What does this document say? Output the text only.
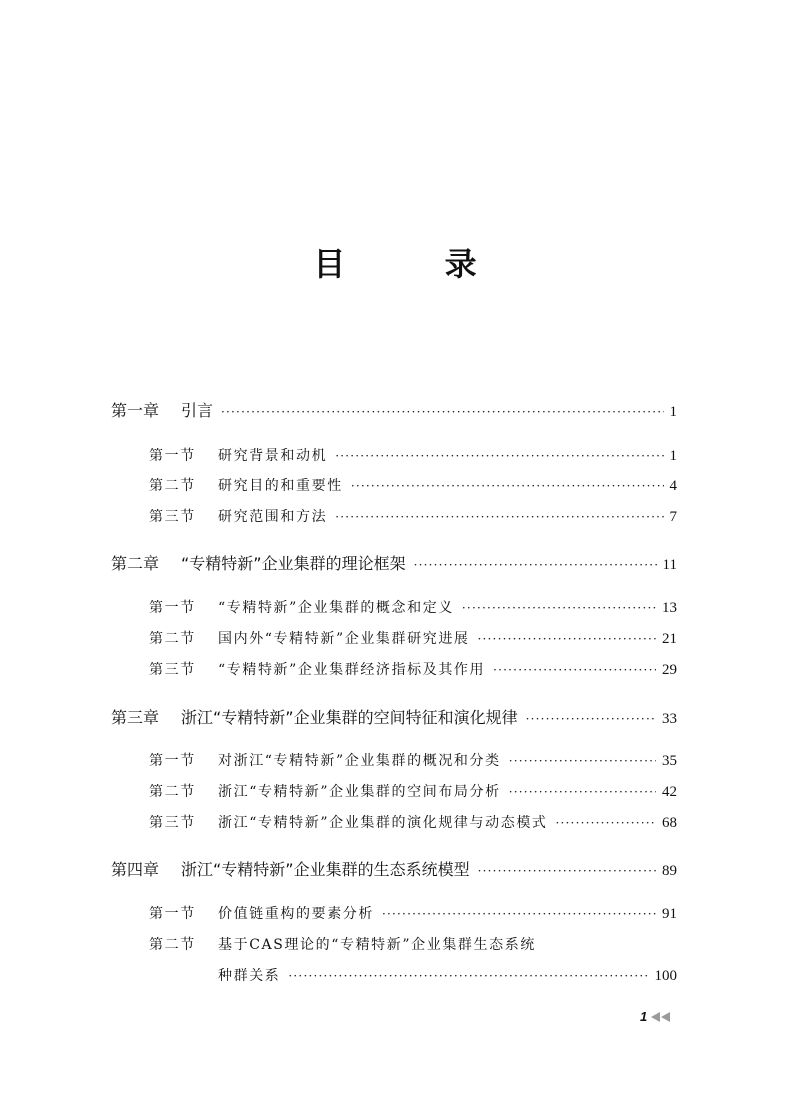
目 录
第一章	引言 ·····	1
第一节	研究背景和动机 ·····	1
第二节	研究目的和重要性 ·····	4
第三节	研究范围和方法 ·····	7
第二章	“专精特新”企业集群的理论框架 ·····	11
第一节	“专精特新”企业集群的概念和定义 ·····	13
第二节	国内外“专精特新”企业集群研究进展 ·····	21
第三节	“专精特新”企业集群经济指标及其作用 ·····	29
第三章	浙江“专精特新”企业集群的空间特征和演化规律 ·····	33
第一节	对浙江“专精特新”企业集群的概况和分类 ·····	35
第二节	浙江“专精特新”企业集群的空间布局分析 ·····	42
第三节	浙江“专精特新”企业集群的演化规律与动态模式 ·····	68
第四章	浙江“专精特新”企业集群的生态系统模型 ·····	89
第一节	价值链重构的要素分析 ·····	91
第二节	基于CAS理论的“专精特新”企业集群生态系统
种群关系 ·····	100
1
